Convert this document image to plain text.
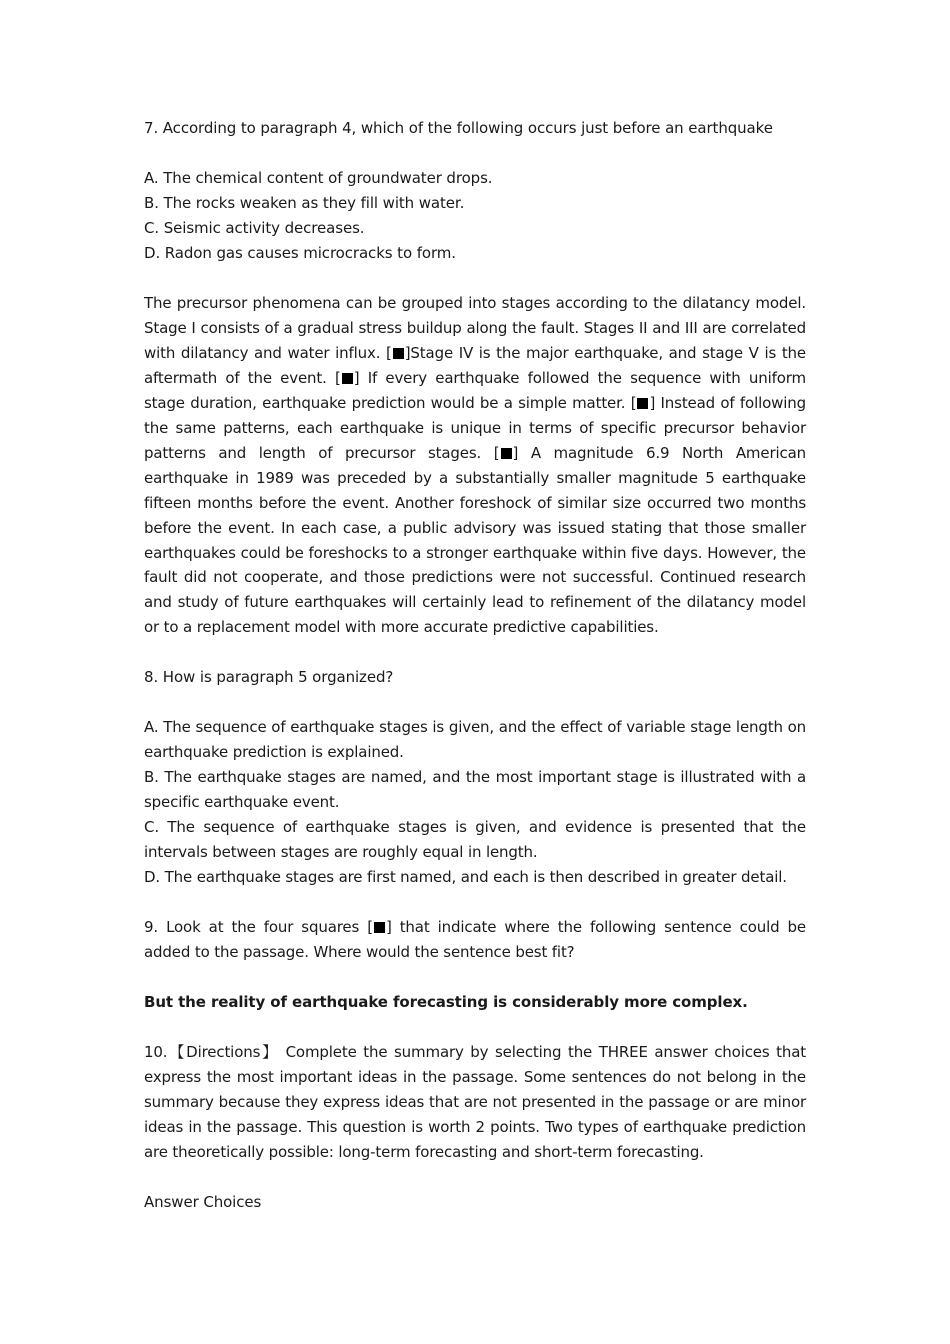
7. According to paragraph 4, which of the following occurs just before an earthquake
A. The chemical content of groundwater drops.
B. The rocks weaken as they fill with water.
C. Seismic activity decreases.
D. Radon gas causes microcracks to form.
The precursor phenomena can be grouped into stages according to the dilatancy model. Stage I consists of a gradual stress buildup along the fault. Stages II and III are correlated with dilatancy and water influx. [ ]Stage IV is the major earthquake, and stage V is the aftermath of the event. [ ] If every earthquake followed the sequence with uniform stage duration, earthquake prediction would be a simple matter. [ ] Instead of following the same patterns, each earthquake is unique in terms of specific precursor behavior patterns and length of precursor stages. [ ] A magnitude 6.9 North American earthquake in 1989 was preceded by a substantially smaller magnitude 5 earthquake fifteen months before the event. Another foreshock of similar size occurred two months before the event. In each case, a public advisory was issued stating that those smaller earthquakes could be foreshocks to a stronger earthquake within five days. However, the fault did not cooperate, and those predictions were not successful. Continued research and study of future earthquakes will certainly lead to refinement of the dilatancy model or to a replacement model with more accurate predictive capabilities.
8. How is paragraph 5 organized?
A. The sequence of earthquake stages is given, and the effect of variable stage length on earthquake prediction is explained.
B. The earthquake stages are named, and the most important stage is illustrated with a specific earthquake event.
C. The sequence of earthquake stages is given, and evidence is presented that the intervals between stages are roughly equal in length.
D. The earthquake stages are first named, and each is then described in greater detail.
9. Look at the four squares [ ] that indicate where the following sentence could be added to the passage. Where would the sentence best fit?
But the reality of earthquake forecasting is considerably more complex.
10.【Directions】 Complete the summary by selecting the THREE answer choices that express the most important ideas in the passage. Some sentences do not belong in the summary because they express ideas that are not presented in the passage or are minor ideas in the passage. This question is worth 2 points. Two types of earthquake prediction are theoretically possible: long-term forecasting and short-term forecasting.
Answer Choices
